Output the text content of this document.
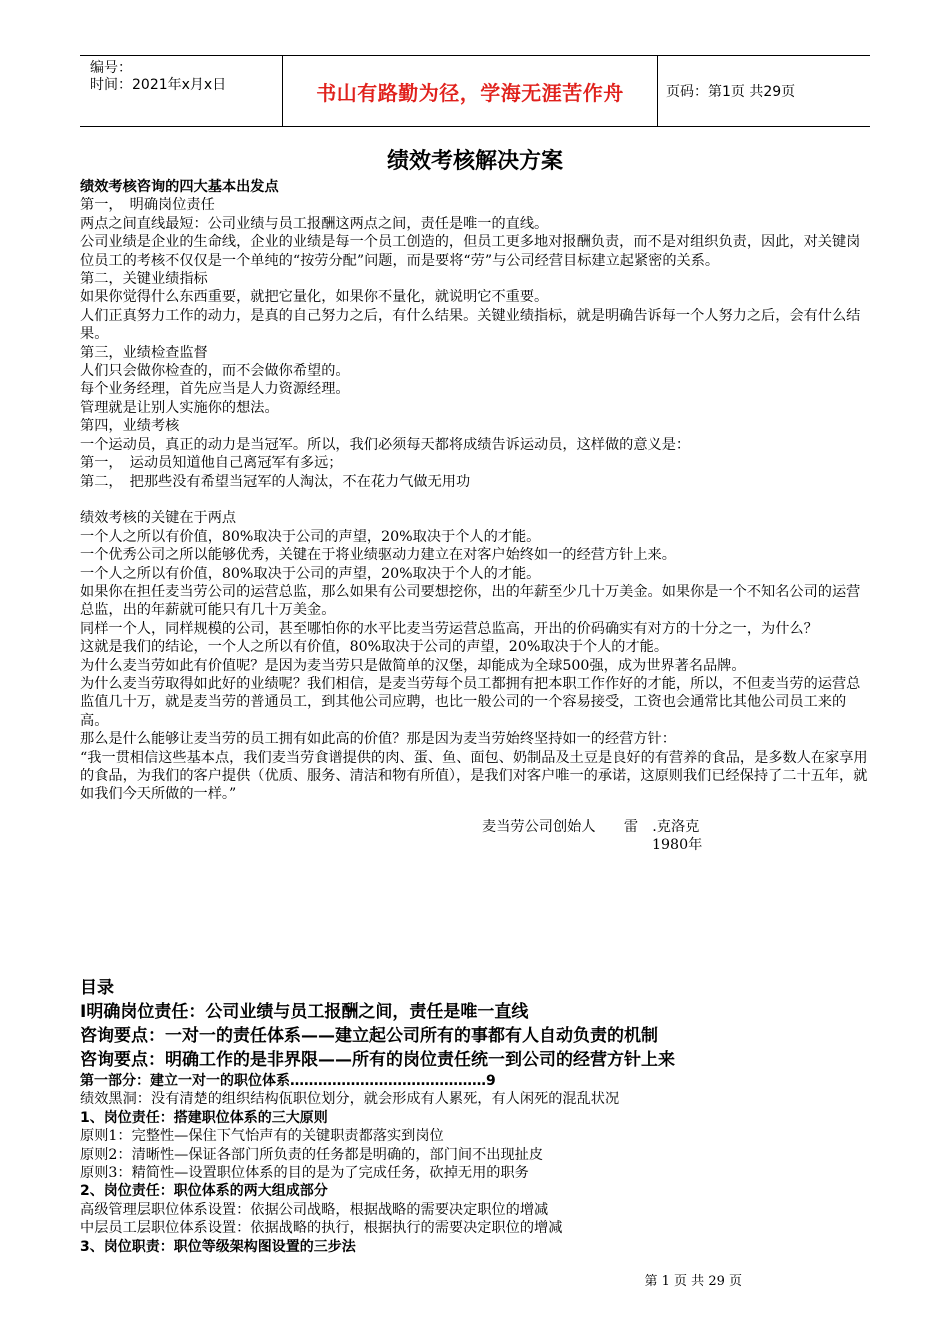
编号：
时间：2021年x月x日	书山有路勤为径，学海无涯苦作舟	页码：第1页 共29页
绩效考核解决方案

绩效考核咨询的四大基本出发点

第一，　明确岗位责任

两点之间直线最短：公司业绩与员工报酬这两点之间，责任是唯一的直线。

公司业绩是企业的生命线，企业的业绩是每一个员工创造的，但员工更多地对报酬负责，而不是对组织负责，因此，对关键岗位员工的考核不仅仅是一个单纯的“按劳分配”问题，而是要将“劳”与公司经营目标建立起紧密的关系。

第二，关键业绩指标

如果你觉得什么东西重要，就把它量化，如果你不量化，就说明它不重要。

人们正真努力工作的动力，是真的自己努力之后，有什么结果。关键业绩指标，就是明确告诉每一个人努力之后，会有什么结果。

第三，业绩检查监督

人们只会做你检查的，而不会做你希望的。

每个业务经理，首先应当是人力资源经理。

管理就是让别人实施你的想法。

第四，业绩考核

一个运动员，真正的动力是当冠军。所以，我们必须每天都将成绩告诉运动员，这样做的意义是：

第一，　运动员知道他自己离冠军有多远；

第二，　把那些没有希望当冠军的人淘汰，不在花力气做无用功

绩效考核的关键在于两点

一个人之所以有价值，80%取决于公司的声望，20%取决于个人的才能。

一个优秀公司之所以能够优秀，关键在于将业绩驱动力建立在对客户始终如一的经营方针上来。

一个人之所以有价值，80%取决于公司的声望，20%取决于个人的才能。

如果你在担任麦当劳公司的运营总监，那么如果有公司要想挖你，出的年薪至少几十万美金。如果你是一个不知名公司的运营总监，出的年薪就可能只有几十万美金。

同样一个人，同样规模的公司，甚至哪怕你的水平比麦当劳运营总监高，开出的价码确实有对方的十分之一，为什么？

这就是我们的结论，一个人之所以有价值，80%取决于公司的声望，20%取决于个人的才能。

为什么麦当劳如此有价值呢？是因为麦当劳只是做简单的汉堡，却能成为全球500强，成为世界著名品牌。

为什么麦当劳取得如此好的业绩呢？我们相信，是麦当劳每个员工都拥有把本职工作作好的才能，所以，不但麦当劳的运营总监值几十万，就是麦当劳的普通员工，到其他公司应聘，也比一般公司的一个容易接受，工资也会通常比其他公司员工来的高。

那么是什么能够让麦当劳的员工拥有如此高的价值？那是因为麦当劳始终坚持如一的经营方针：

“我一贯相信这些基本点，我们麦当劳食谱提供的肉、蛋、鱼、面包、奶制品及土豆是良好的有营养的食品，是多数人在家享用的食品，为我们的客户提供（优质、服务、清洁和物有所值），是我们对客户唯一的承诺，这原则我们已经保持了二十五年，就如我们今天所做的一样。”

麦当劳公司创始人　　雷　.克洛克

1980年

目录

I明确岗位责任：公司业绩与员工报酬之间，责任是唯一直线

咨询要点：一对一的责任体系——建立起公司所有的事都有人自动负责的机制

咨询要点：明确工作的是非界限——所有的岗位责任统一到公司的经营方针上来

第一部分：建立一对一的职位体系……………………………………9

绩效黑洞：没有清楚的组织结构佤职位划分，就会形成有人累死，有人闲死的混乱状况

1、岗位责任：搭建职位体系的三大原则

原则1：完整性—保住下气怡声有的关键职责都落实到岗位

原则2：清晰性—保证各部门所负责的任务都是明确的，部门间不出现扯皮

原则3：精简性—设置职位体系的目的是为了完成任务，砍掉无用的职务

2、岗位责任：职位体系的两大组成部分

高级管理层职位体系设置：依据公司战略，根据战略的需要决定职位的增减

中层员工层职位体系设置：依据战略的执行，根据执行的需要决定职位的增减

3、岗位职责：职位等级架构图设置的三步法

第 1 页 共 29 页
